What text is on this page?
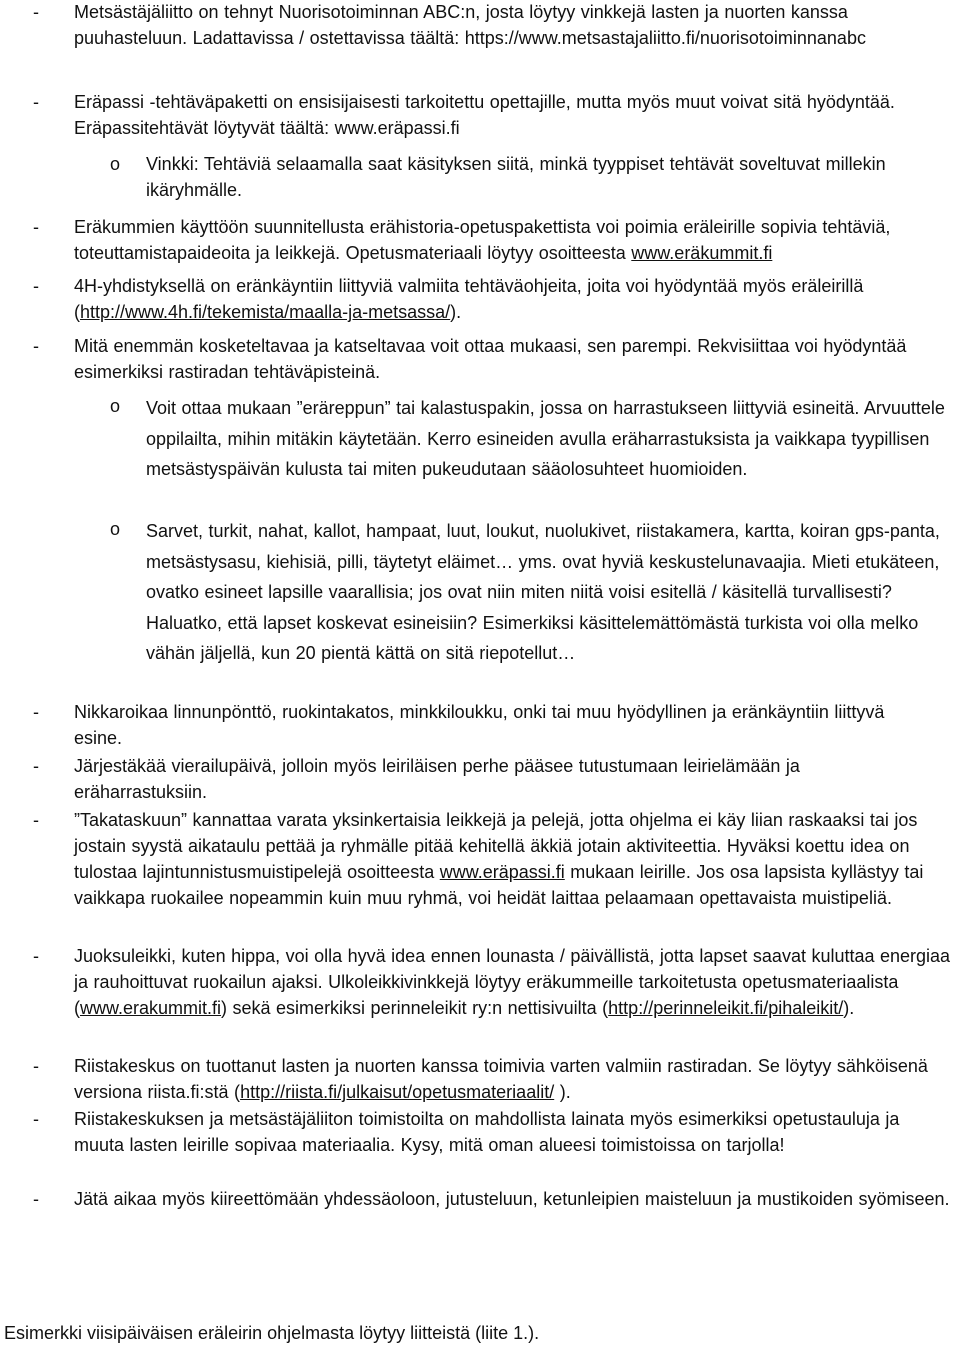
- Metsästäjäliitto on tehnyt Nuorisotoiminnan ABC:n, josta löytyy vinkkejä lasten ja nuorten kanssa puuhasteluun. Ladattavissa / ostettavissa täältä: https://www.metsastajaliitto.fi/nuorisotoiminnanabc
- Eräpassi -tehtäväpaketti on ensisijaisesti tarkoitettu opettajille, mutta myös muut voivat sitä hyödyntää. Eräpassitehtävät löytyvät täältä: www.eräpassi.fi
o Vinkki: Tehtäviä selaamalla saat käsityksen siitä, minkä tyyppiset tehtävät soveltuvat millekin ikäryhmälle.
- Eräkummien käyttöön suunnitellusta erähistoria-opetuspakettista voi poimia eräleirille sopivia tehtäviä, toteuttamistapaideoita ja leikkejä. Opetusmateriaali löytyy osoitteesta www.eräkummit.fi
- 4H-yhdistyksellä on eränkäyntiin liittyviä valmiita tehtäväohjeita, joita voi hyödyntää myös eräleirillä (http://www.4h.fi/tekemista/maalla-ja-metsassa/).
- Nikkaroikaa linnunpönttö, ruokintakatos, minkkiloukku, onki tai muu hyödyllinen ja eränkäyntiin liittyvä esine.
- Mitä enemmän kosketeltavaa ja katseltavaa voit ottaa mukaasi, sen parempi. Rekvisiittaa voi hyödyntää esimerkiksi rastiradan tehtäväpisteinä.
o Voit ottaa mukaan ”eräreppun” tai kalastuspakin, jossa on harrastukseen liittyviä esineitä. Arvuuttele oppilailta, mihin mitäkin käytetään. Kerro esineiden avulla eräharrastuksista ja vaikkapa tyypillisen metsästyspäivän kulusta tai miten pukeudutaan sääolosuhteet huomioiden.
o Sarvet, turkit, nahat, kallot, hampaat, luut, loukut, nuolukivet, riistakamera, kartta, koiran gps-panta, metsästysasu, kiehisiä, pilli, täytetyt eläimet… yms. ovat hyviä keskustelunavaajia. Mieti etukäteen, ovatko esineet lapsille vaarallisia; jos ovat niin miten niitä voisi esitellä / käsitellä turvallisesti? Haluatko, että lapset koskevat esineisiin? Esimerkiksi käsittelemättömästä turkista voi olla melko vähän jäljellä, kun 20 pientä kättä on sitä riepotellut…
- Järjestäkää vierailupäivä, jolloin myös leiriläisen perhe pääsee tutustumaan leirielämään ja eräharrastuksiin.
- ”Takataskuun” kannattaa varata yksinkertaisia leikkejä ja pelejä, jotta ohjelma ei käy liian raskaaksi tai jos jostain syystä aikataulu pettää ja ryhmälle pitää kehitellä äkkiä jotain aktiviteettia. Hyväksi koettu idea on tulostaa lajintunnistusmuistipelejä osoitteesta www.eräpassi.fi mukaan leirille. Jos osa lapsista kyllästyy tai vaikkapa ruokailee nopeammin kuin muu ryhmä, voi heidät laittaa pelaamaan opettavaista muistipeliä.
- Juoksuleikki, kuten hippa, voi olla hyvä idea ennen lounasta / päivällistä, jotta lapset saavat kuluttaa energiaa ja rauhoittuvat ruokailun ajaksi. Ulkoleikkivinkkejä löytyy eräkummeille tarkoitetusta opetusmateriaalista (www.erakummit.fi) sekä esimerkiksi perinneleikit ry:n nettisivuilta (http://perinneleikit.fi/pihaleikit/).
- Riistakeskus on tuottanut lasten ja nuorten kanssa toimivia varten valmiin rastiradan. Se löytyy sähköisenä versiona riista.fi:stä (http://riista.fi/julkaisut/opetusmateriaalit/ ).
- Riistakeskuksen ja metsästäjäliiton toimistoilta on mahdollista lainata myös esimerkiksi opetustauluja ja muuta lasten leirille sopivaa materiaalia. Kysy, mitä oman alueesi toimistoissa on tarjolla!
- Jätä aikaa myös kiireettömään yhdessäoloon, jutusteluun, ketunleipien maisteluun ja mustikoiden syömiseen.
Esimerkki viisipäiväisen eräleirin ohjelmasta löytyy liitteistä (liite 1.).
